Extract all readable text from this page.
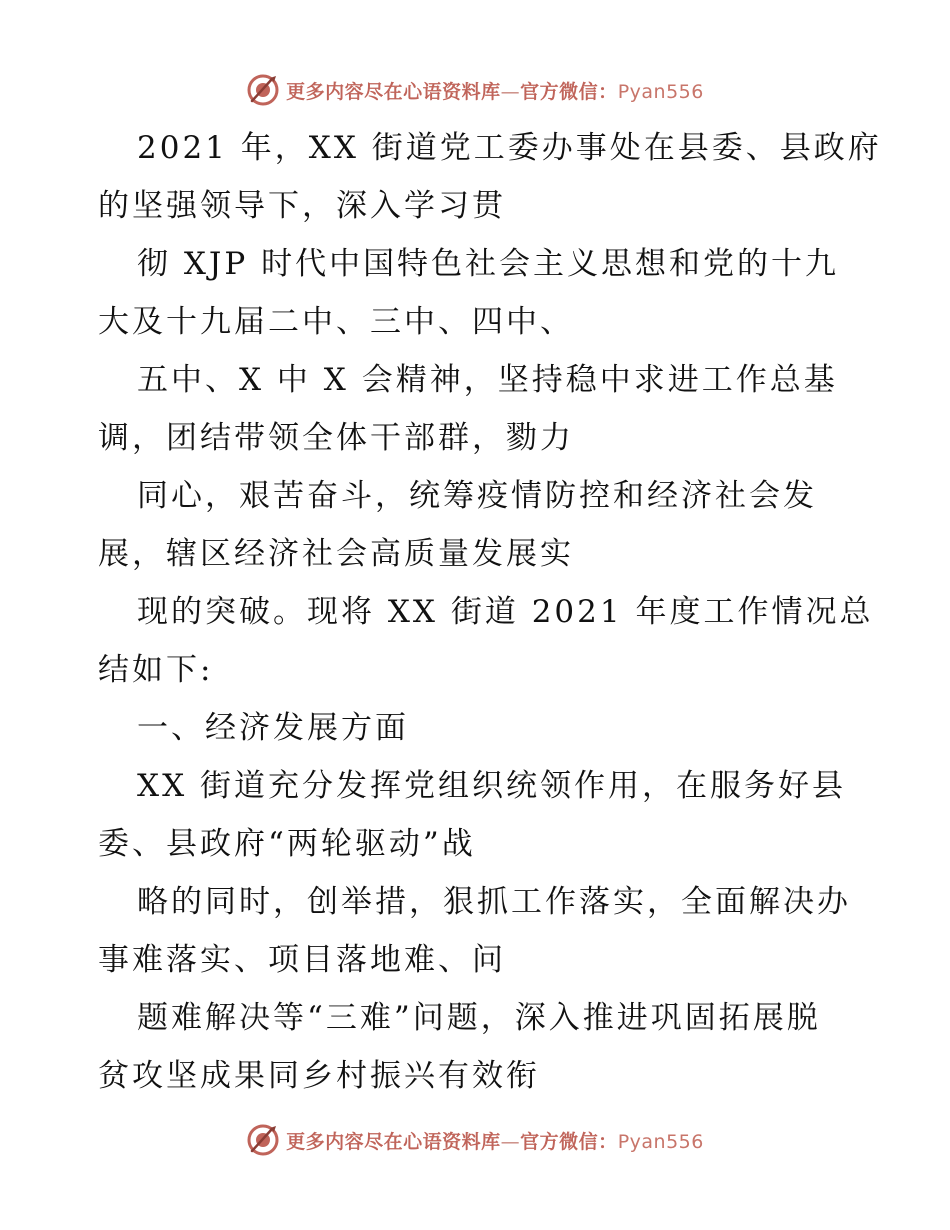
更多内容尽在心语资料库—官方微信：Pyan556
2021 年，XX 街道党工委办事处在县委、县政府
的坚强领导下，深入学习贯
彻 XJP 时代中国特色社会主义思想和党的十九
大及十九届二中、三中、四中、
五中、X 中 X 会精神，坚持稳中求进工作总基
调，团结带领全体干部群，勠力
同心，艰苦奋斗，统筹疫情防控和经济社会发
展，辖区经济社会高质量发展实
现的突破。现将 XX 街道 2021 年度工作情况总
结如下:
一、经济发展方面
XX 街道充分发挥党组织统领作用，在服务好县
委、县政府“两轮驱动”战
略的同时，创举措，狠抓工作落实，全面解决办
事难落实、项目落地难、问
题难解决等“三难”问题，深入推进巩固拓展脱
贫攻坚成果同乡村振兴有效衔
更多内容尽在心语资料库—官方微信：Pyan556
